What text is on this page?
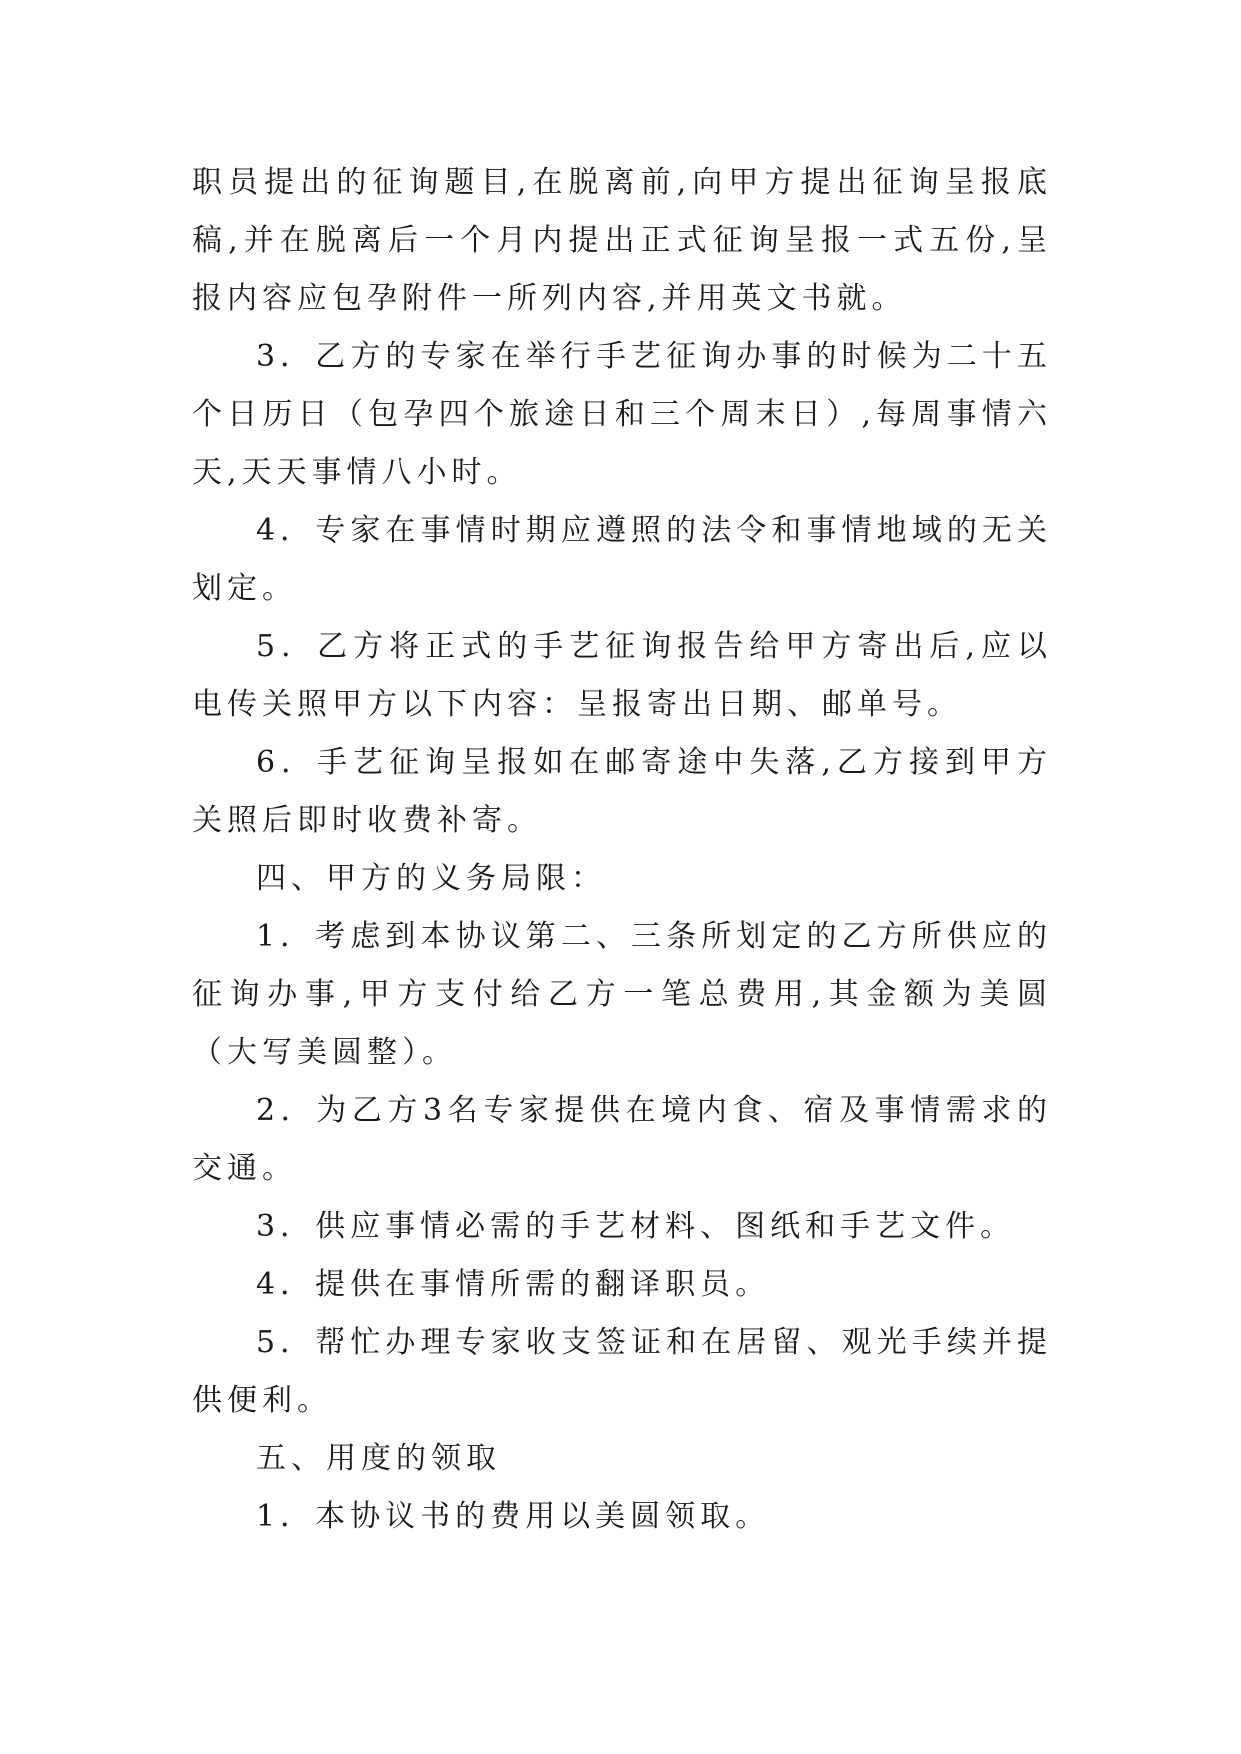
职员提出的征询题目,在脱离前,向甲方提出征询呈报底稿,并在脱离后一个月内提出正式征询呈报一式五份,呈报内容应包孕附件一所列内容,并用英文书就。

3．乙方的专家在举行手艺征询办事的时候为二十五个日历日（包孕四个旅途日和三个周末日）,每周事情六天,天天事情八小时。

4．专家在事情时期应遵照的法令和事情地域的无关划定。

5．乙方将正式的手艺征询报告给甲方寄出后,应以电传关照甲方以下内容：呈报寄出日期、邮单号。

6．手艺征询呈报如在邮寄途中失落,乙方接到甲方关照后即时收费补寄。

四、甲方的义务局限：

1．考虑到本协议第二、三条所划定的乙方所供应的征询办事,甲方支付给乙方一笔总费用,其金额为美圆（大写美圆整）。

2．为乙方3名专家提供在境内食、宿及事情需求的交通。

3．供应事情必需的手艺材料、图纸和手艺文件。

4．提供在事情所需的翻译职员。

5．帮忙办理专家收支签证和在居留、观光手续并提供便利。

五、用度的领取

1．本协议书的费用以美圆领取。
